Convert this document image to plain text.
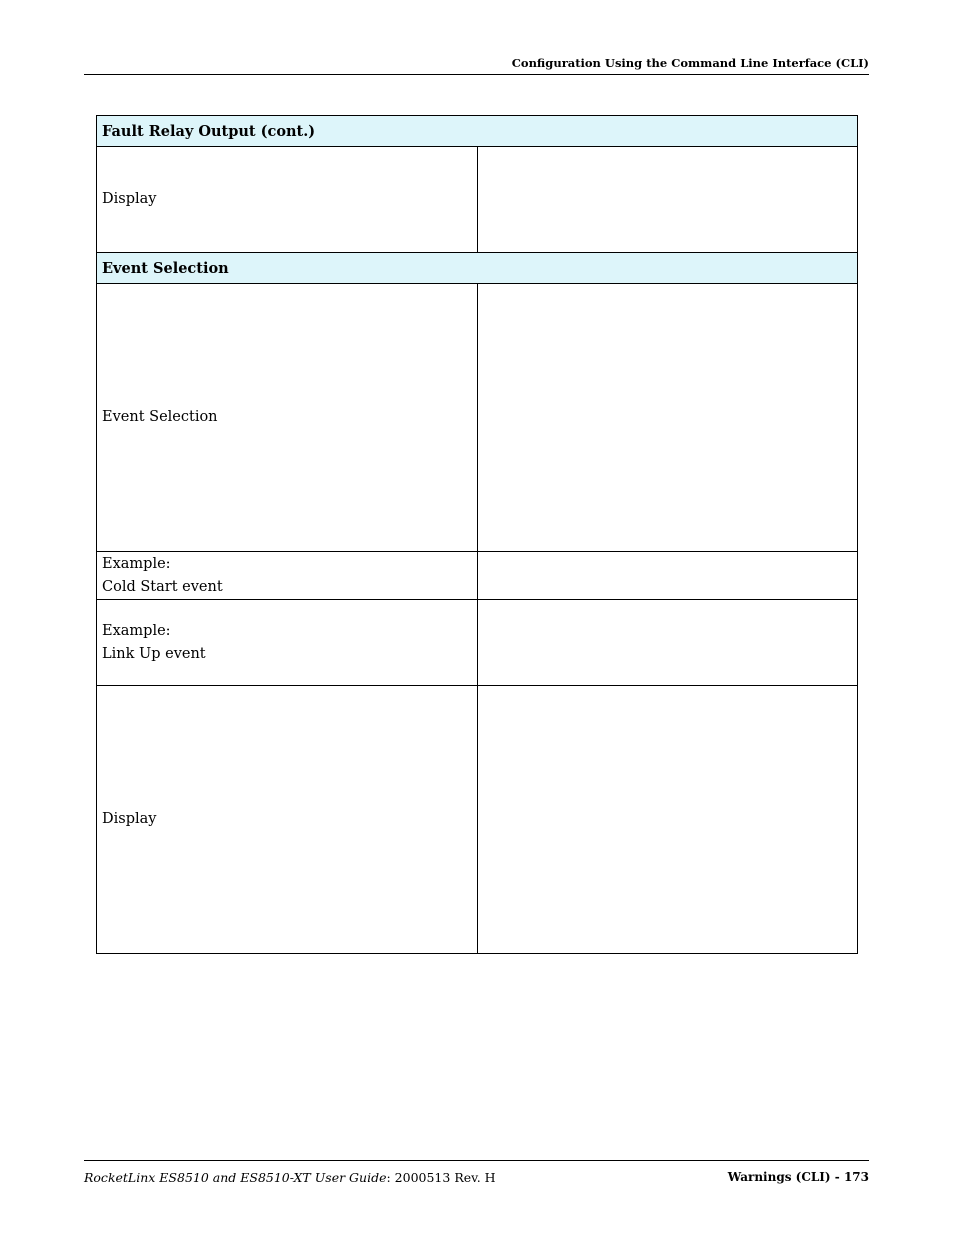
Configuration Using the Command Line Interface (CLI)
Fault Relay Output (cont.)	

Display	

Event Selection	

Event Selection	

Example:
Cold Start event	

Example:
Link Up event	

Display	

RocketLinx ES8510 and ES8510-XT User Guide: 2000513 Rev. H	Warnings (CLI) - 173
